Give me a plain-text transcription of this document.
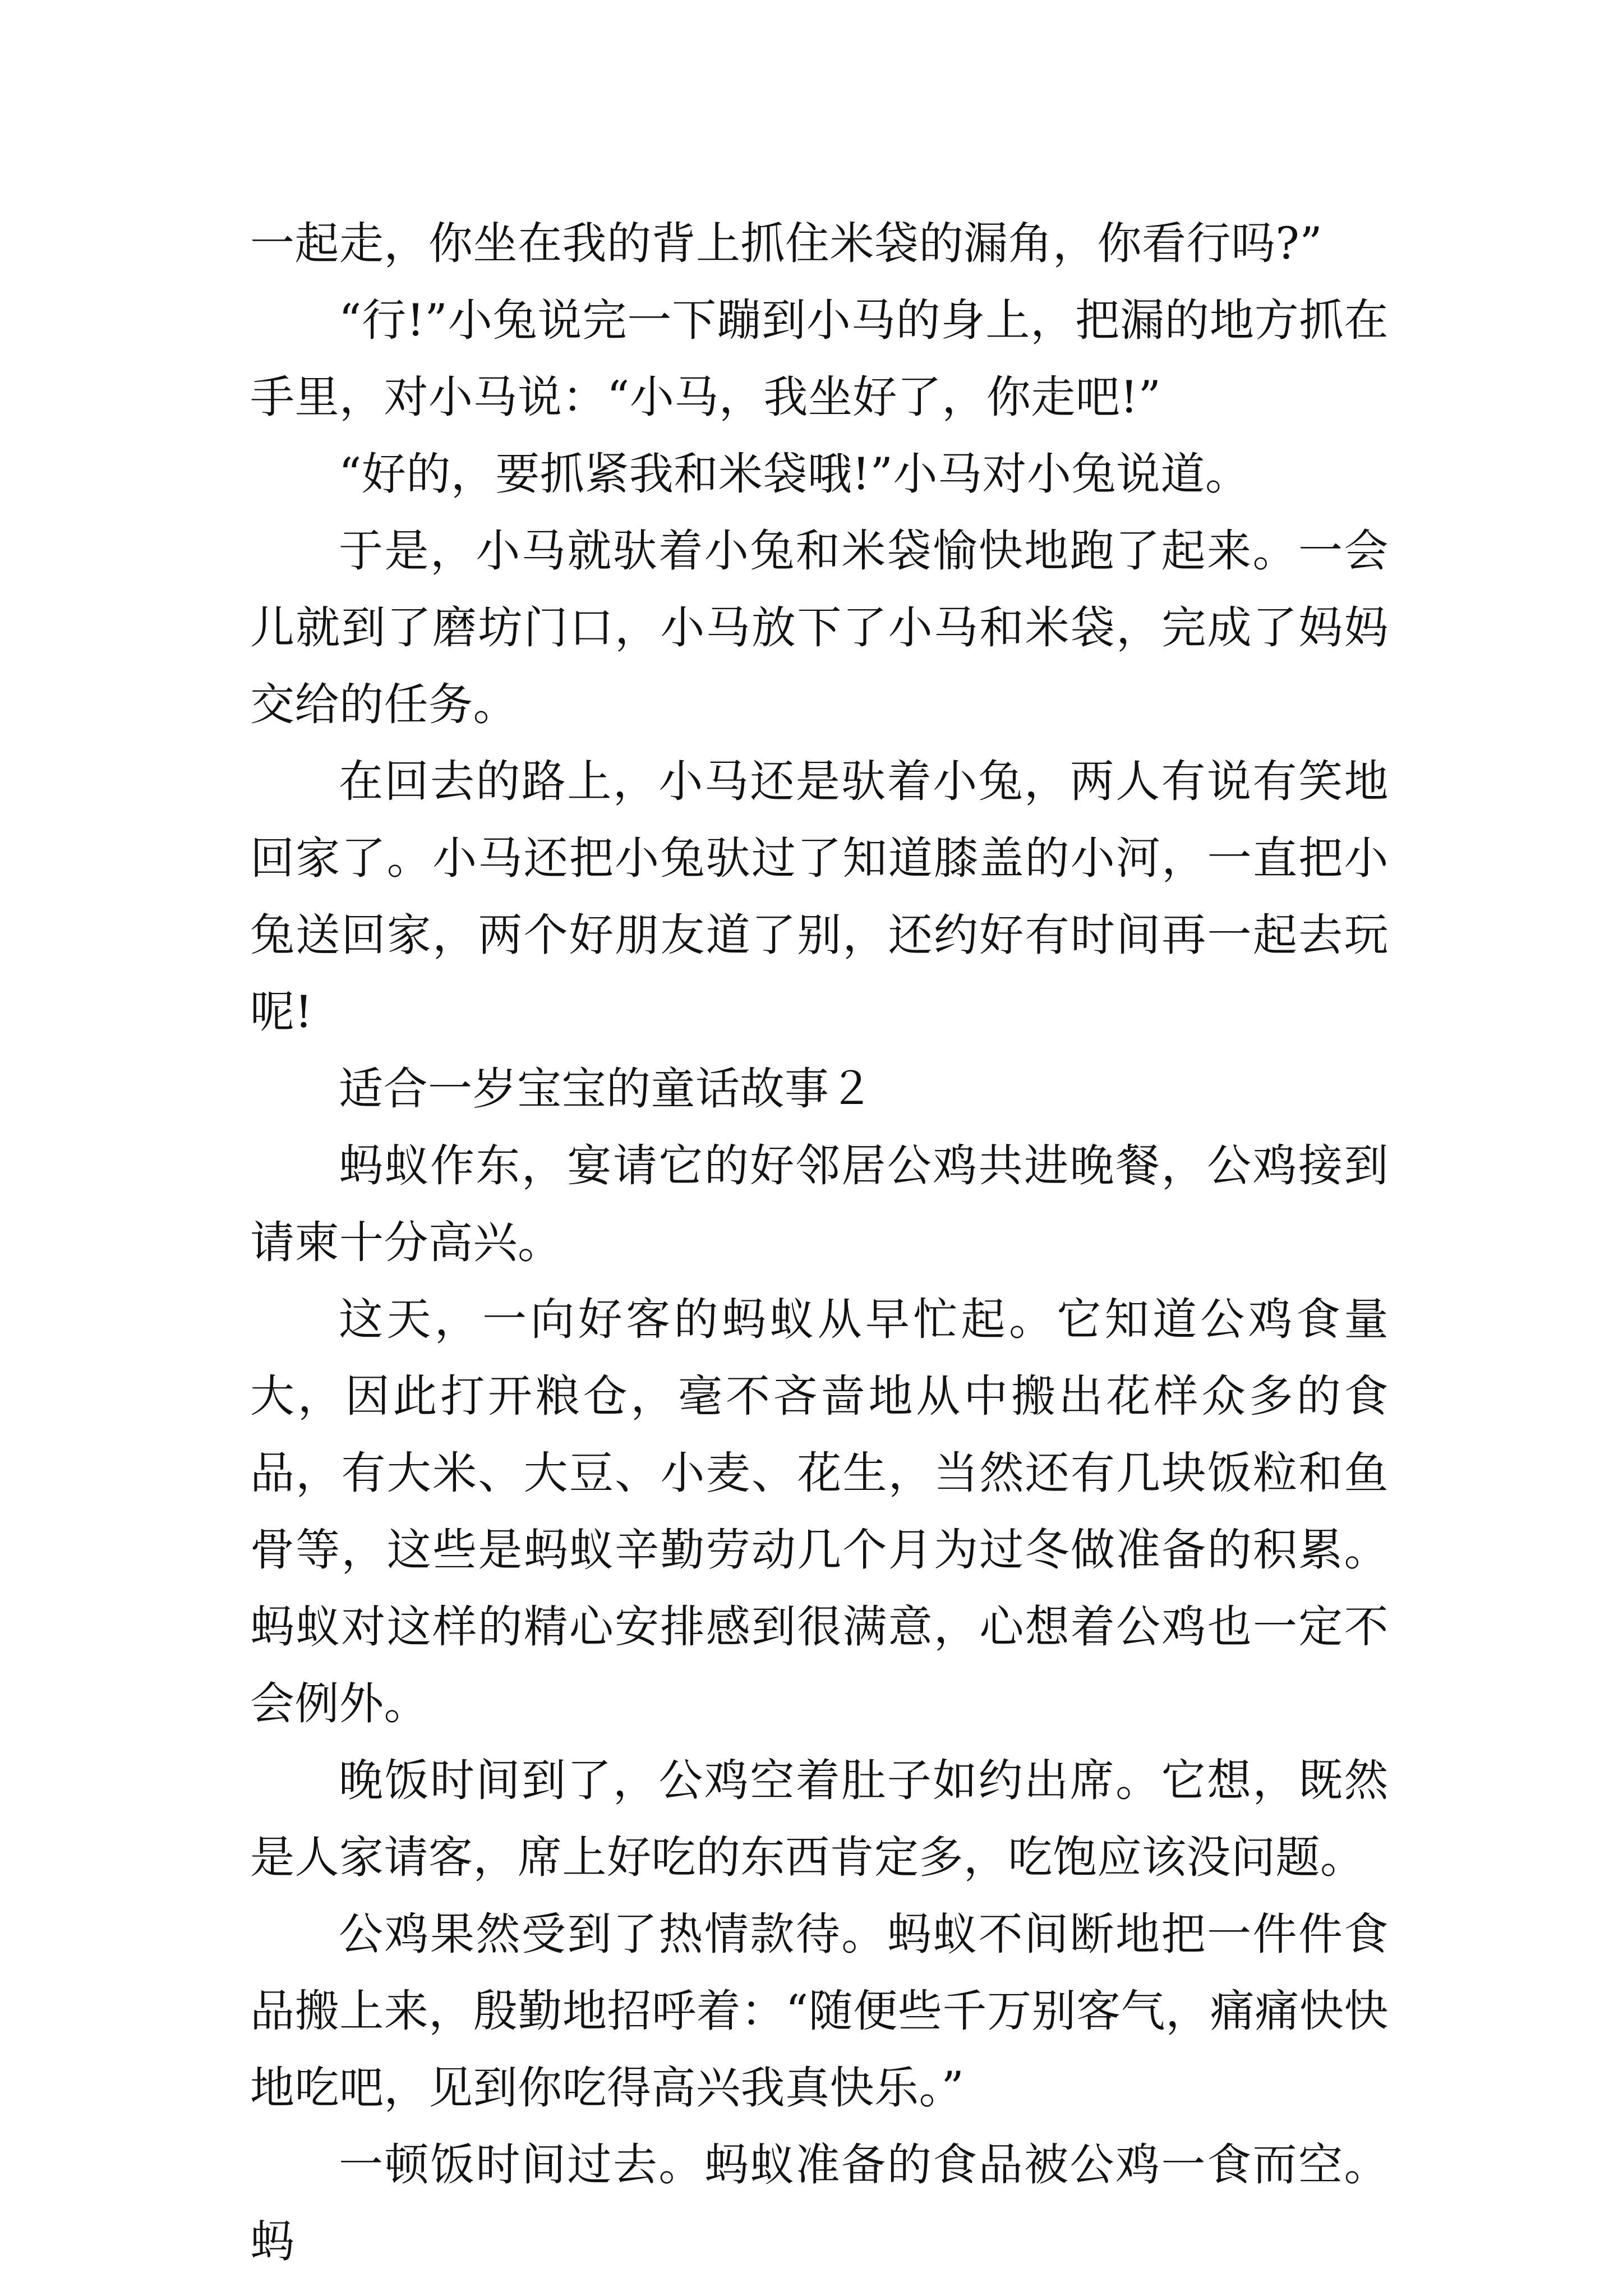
一起走，你坐在我的背上抓住米袋的漏角，你看行吗?”

“行!”小兔说完一下蹦到小马的身上，把漏的地方抓在手里，对小马说：“小马，我坐好了，你走吧!”

“好的，要抓紧我和米袋哦!”小马对小兔说道。

于是，小马就驮着小兔和米袋愉快地跑了起来。一会儿就到了磨坊门口，小马放下了小马和米袋，完成了妈妈交给的任务。

在回去的路上，小马还是驮着小兔，两人有说有笑地回家了。小马还把小兔驮过了知道膝盖的小河，一直把小兔送回家，两个好朋友道了别，还约好有时间再一起去玩呢!

适合一岁宝宝的童话故事２

蚂蚁作东，宴请它的好邻居公鸡共进晚餐，公鸡接到请柬十分高兴。

这天，一向好客的蚂蚁从早忙起。它知道公鸡食量大，因此打开粮仓，毫不吝啬地从中搬出花样众多的食品，有大米、大豆、小麦、花生，当然还有几块饭粒和鱼骨等，这些是蚂蚁辛勤劳动几个月为过冬做准备的积累。蚂蚁对这样的精心安排感到很满意，心想着公鸡也一定不会例外。

晚饭时间到了，公鸡空着肚子如约出席。它想，既然是人家请客，席上好吃的东西肯定多，吃饱应该没问题。

公鸡果然受到了热情款待。蚂蚁不间断地把一件件食品搬上来，殷勤地招呼着：“随便些千万别客气，痛痛快快地吃吧，见到你吃得高兴我真快乐。”

一顿饭时间过去。蚂蚁准备的食品被公鸡一食而空。蚂
